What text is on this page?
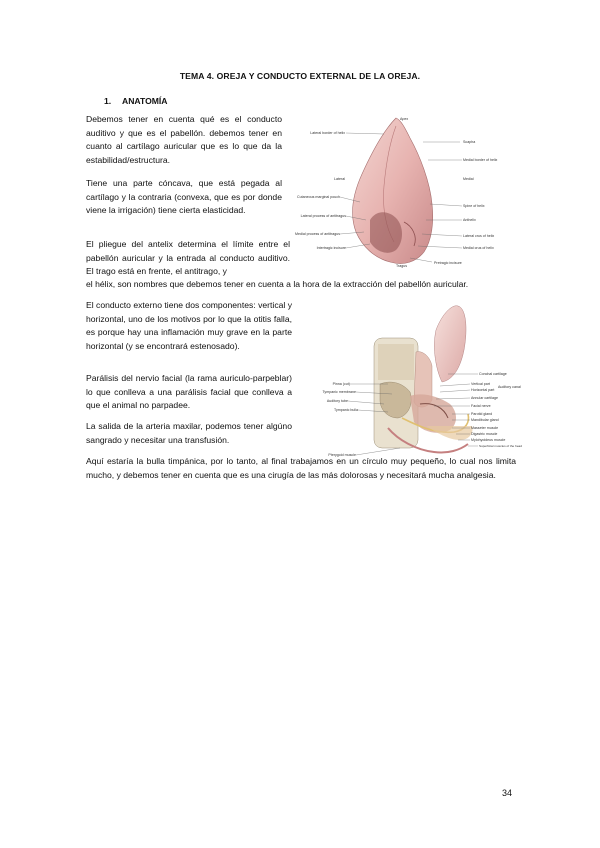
TEMA 4. OREJA Y CONDUCTO EXTERNAL DE LA OREJA.
1. ANATOMÍA

Debemos tener en cuenta qué es el conducto auditivo y que es el pabellón. debemos tener en cuanto al cartílago auricular que es lo que da la estabilidad/estructura.

Tiene una parte cóncava, que está pegada al cartílago y la contraria (convexa, que es por donde viene la irrigación) tiene cierta elasticidad.

El pliegue del antelix determina el límite entre el pabellón auricular y la entrada al conducto auditivo. El trago está en frente, el antitrago, y

el hélix, son nombres que debemos tener en cuenta a la hora de la extracción del pabellón auricular.

El conducto externo tiene dos componentes: vertical y horizontal, uno de los motivos por lo que la otitis falla, es porque hay una inflamación muy grave en la parte horizontal (y se encontrará estenosado).

Parálisis del nervio facial (la rama auriculo-parpeblar) lo que conlleva a una parálisis facial que conlleva a que el animal no parpadee.

La salida de la arteria maxilar, podemos tener algúno sangrado y necesitar una transfusión.

Aquí estaría la bulla timpánica, por lo tanto, al final trabajamos en un círculo muy pequeño, lo cual nos limita mucho, y debemos tener en cuenta que es una cirugía de las más dolorosas y necesitará mucha analgesia.

Apex
Lateral border of helix
Lateral
Cutaneous marginal pouch
Lateral process of antitragus
Medial process of antitragus
Intertragic incisure
Scapha
Medial border of helix
Medial
Spine of helix
Anthelix
Lateral crus of helix
Medial crus of helix
Pretragic incisure
Tragus
Pinna (cut)
Tympanic membrane
Auditory tube
Tympanic bulla
Pterygoid muscle
Conchal cartilage
Vertical part
Horizontal part
Auditory canal
Annular cartilage
Facial nerve
Parotid gland
Mandibular gland
Masseter muscle
Digastric muscle
Mylohyoideus muscle
Superficial muscles of the head
34
